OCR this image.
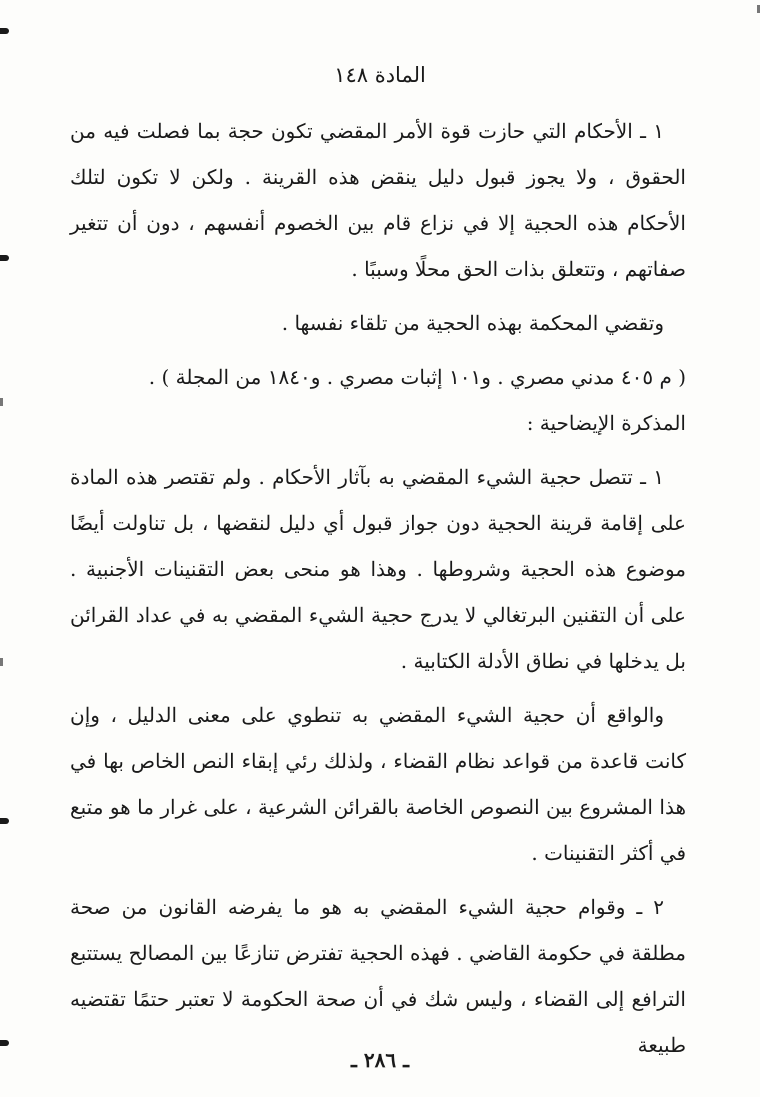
المادة ١٤٨

١ ـ الأحكام التي حازت قوة الأمر المقضي تكون حجة بما فصلت فيه من الحقوق ، ولا يجوز قبول دليل ينقض هذه القرينة . ولكن لا تكون لتلك الأحكام هذه الحجية إلا في نزاع قام بين الخصوم أنفسهم ، دون أن تتغير صفاتهم ، وتتعلق بذات الحق محلًا وسببًا .

وتقضي المحكمة بهذه الحجية من تلقاء نفسها .

( م ٤٠٥ مدني مصري . و١٠١ إثبات مصري . و١٨٤٠ من المجلة ) .

المذكرة الإيضاحية :

١ ـ تتصل حجية الشيء المقضي به بآثار الأحكام . ولم تقتصر هذه المادة على إقامة قرينة الحجية دون جواز قبول أي دليل لنقضها ، بل تناولت أيضًا موضوع هذه الحجية وشروطها . وهذا هو منحى بعض التقنينات الأجنبية . على أن التقنين البرتغالي لا يدرج حجية الشيء المقضي به في عداد القرائن بل يدخلها في نطاق الأدلة الكتابية .

والواقع أن حجية الشيء المقضي به تنطوي على معنى الدليل ، وإن كانت قاعدة من قواعد نظام القضاء ، ولذلك رئي إبقاء النص الخاص بها في هذا المشروع بين النصوص الخاصة بالقرائن الشرعية ، على غرار ما هو متبع في أكثر التقنينات .

٢ ـ وقوام حجية الشيء المقضي به هو ما يفرضه القانون من صحة مطلقة في حكومة القاضي . فهذه الحجية تفترض تنازعًا بين المصالح يستتبع الترافع إلى القضاء ، وليس شك في أن صحة الحكومة لا تعتبر حتمًا تقتضيه طبيعة

ـ ٢٨٦ ـ
